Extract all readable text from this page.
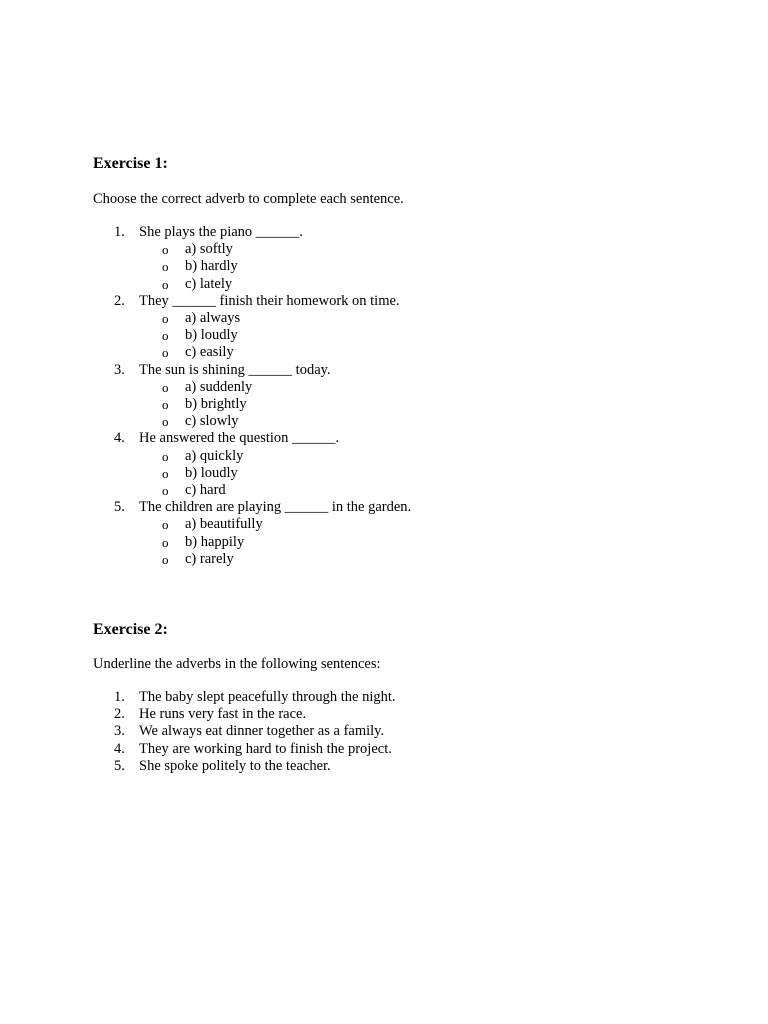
Exercise 1:
Choose the correct adverb to complete each sentence.
1. She plays the piano ______.
o a) softly
o b) hardly
o c) lately
2. They ______ finish their homework on time.
o a) always
o b) loudly
o c) easily
3. The sun is shining ______ today.
o a) suddenly
o b) brightly
o c) slowly
4. He answered the question ______.
o a) quickly
o b) loudly
o c) hard
5. The children are playing ______ in the garden.
o a) beautifully
o b) happily
o c) rarely
Exercise 2:
Underline the adverbs in the following sentences:
1. The baby slept peacefully through the night.
2. He runs very fast in the race.
3. We always eat dinner together as a family.
4. They are working hard to finish the project.
5. She spoke politely to the teacher.
